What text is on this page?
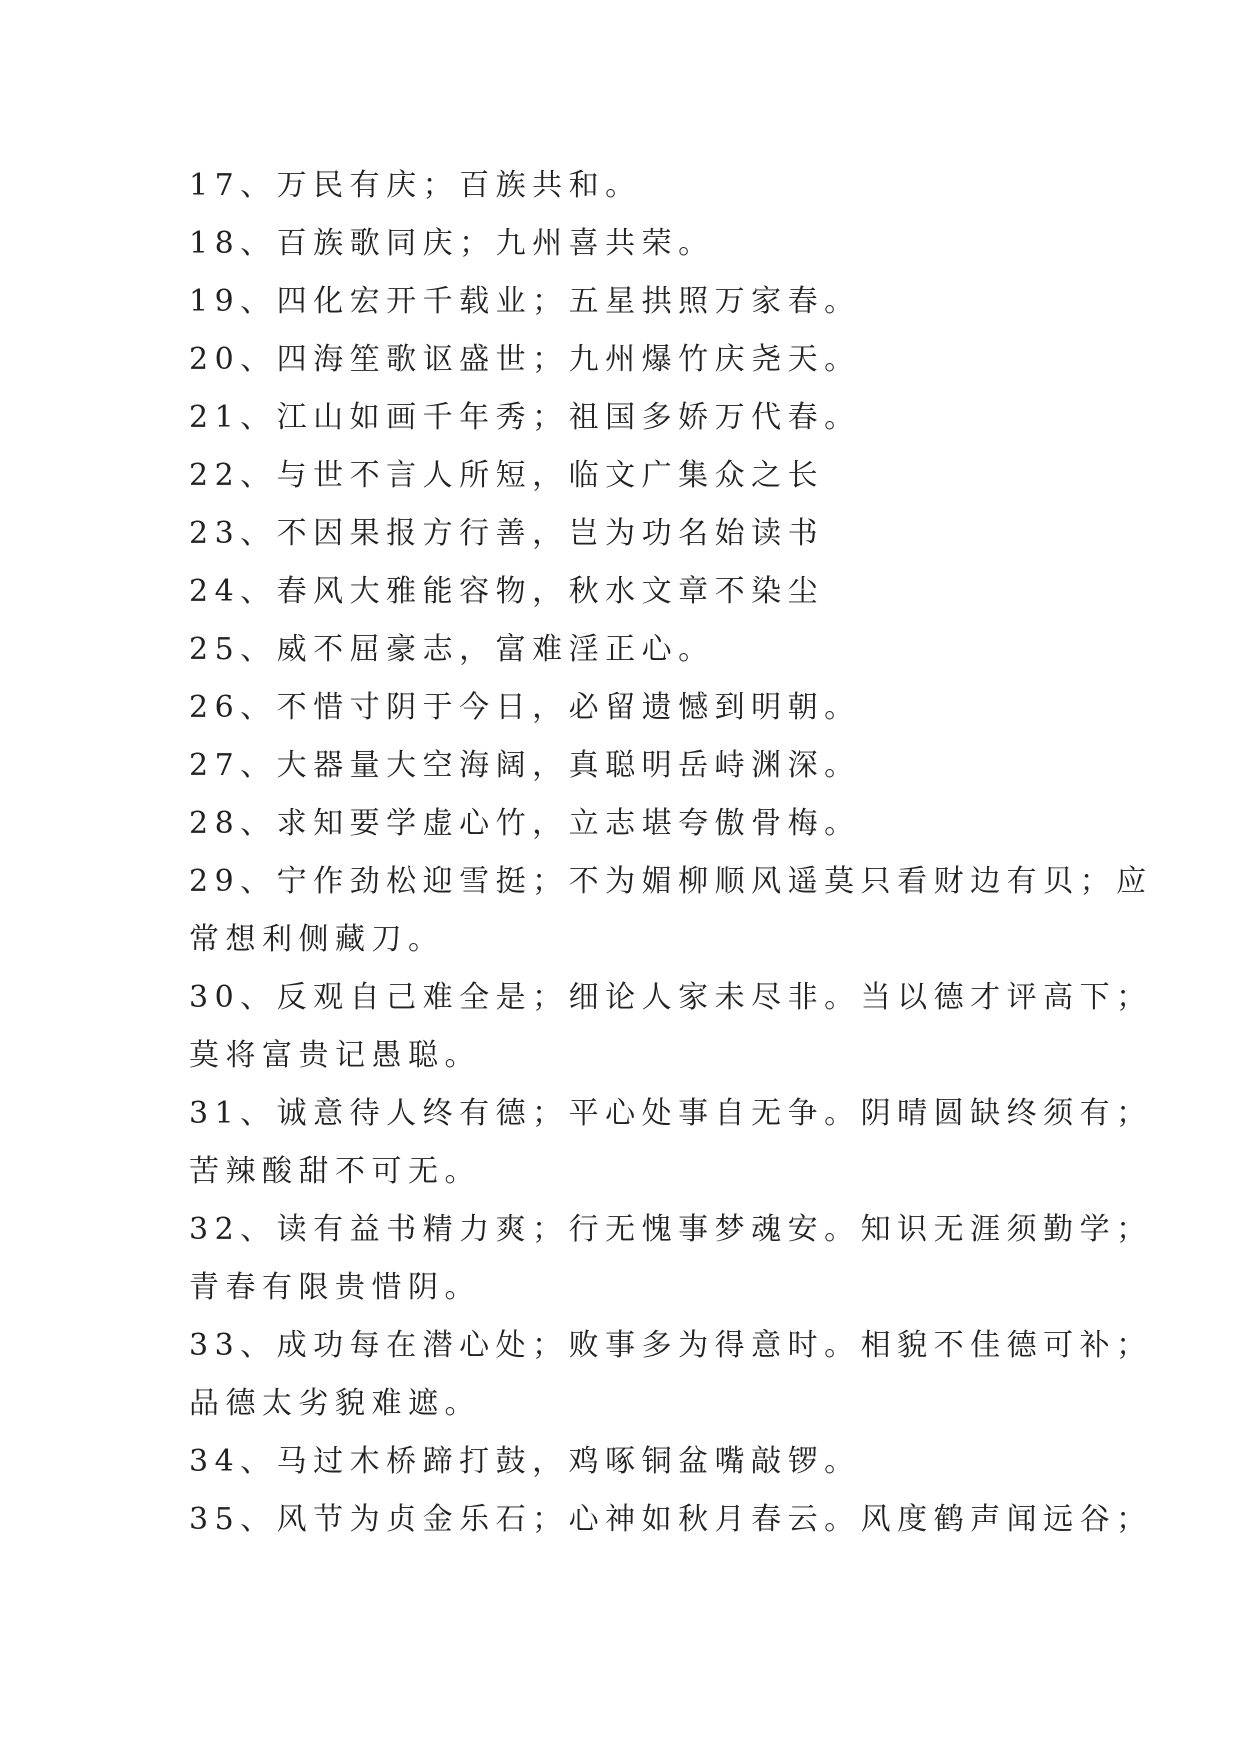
17、万民有庆；百族共和。
18、百族歌同庆；九州喜共荣。
19、四化宏开千载业；五星拱照万家春。
20、四海笙歌讴盛世；九州爆竹庆尧天。
21、江山如画千年秀；祖国多娇万代春。
22、与世不言人所短，临文广集众之长
23、不因果报方行善，岂为功名始读书
24、春风大雅能容物，秋水文章不染尘
25、威不屈豪志，富难淫正心。
26、不惜寸阴于今日，必留遗憾到明朝。
27、大器量大空海阔，真聪明岳峙渊深。
28、求知要学虚心竹，立志堪夸傲骨梅。
29、宁作劲松迎雪挺；不为媚柳顺风遥莫只看财边有贝；应
常想利侧藏刀。
30、反观自己难全是；细论人家未尽非。当以德才评高下；
莫将富贵记愚聪。
31、诚意待人终有德；平心处事自无争。阴晴圆缺终须有；
苦辣酸甜不可无。
32、读有益书精力爽；行无愧事梦魂安。知识无涯须勤学；
青春有限贵惜阴。
33、成功每在潜心处；败事多为得意时。相貌不佳德可补；
品德太劣貌难遮。
34、马过木桥蹄打鼓，鸡啄铜盆嘴敲锣。
35、风节为贞金乐石；心神如秋月春云。风度鹤声闻远谷；
